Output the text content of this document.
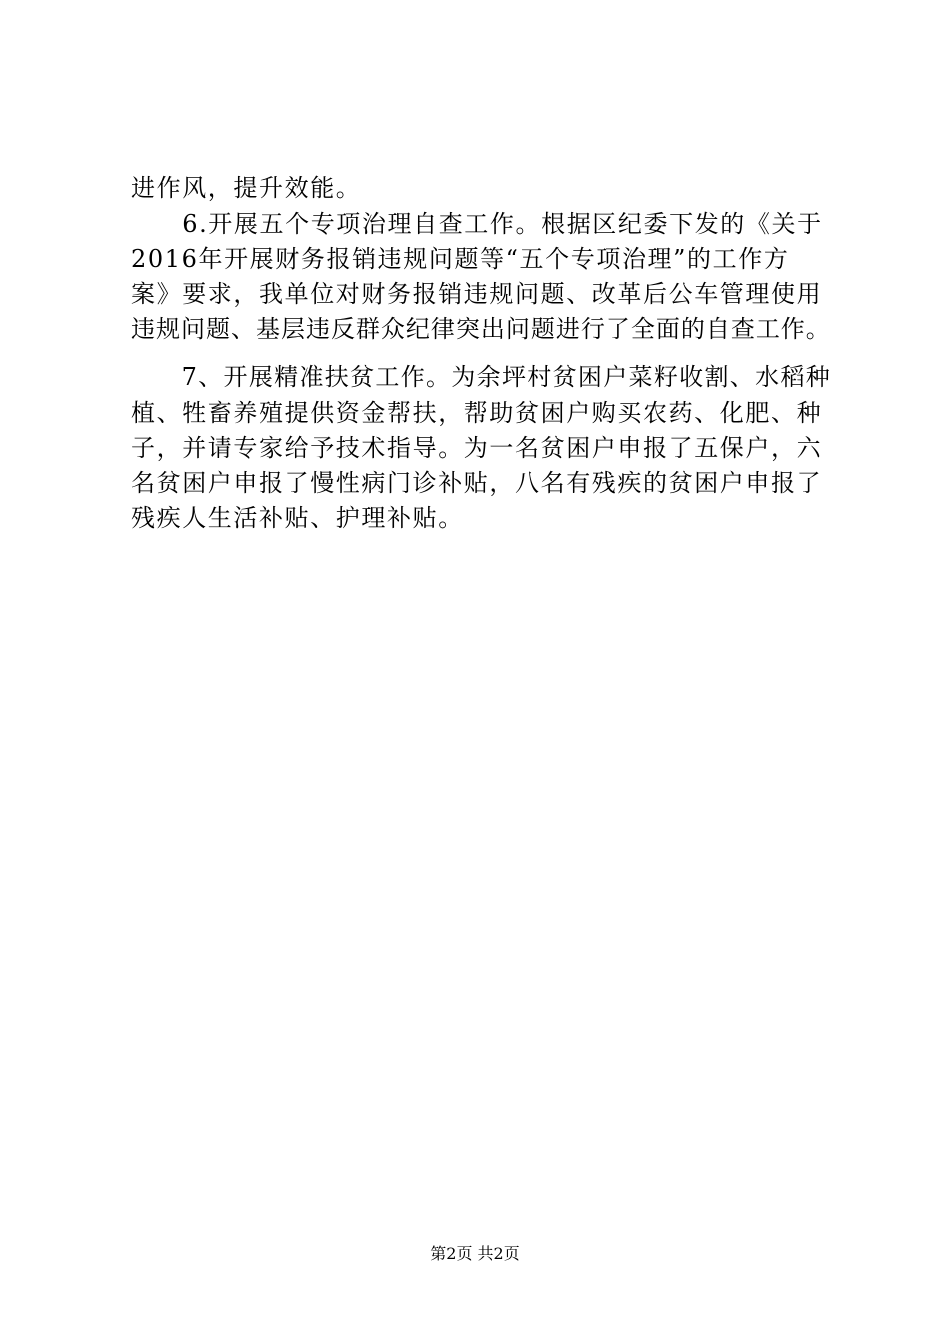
进作风，提升效能。
　　6.开展五个专项治理自查工作。根据区纪委下发的《关于
2016年开展财务报销违规问题等“五个专项治理”的工作方
案》要求，我单位对财务报销违规问题、改革后公车管理使用
违规问题、基层违反群众纪律突出问题进行了全面的自查工作。
　　7、开展精准扶贫工作。为余坪村贫困户菜籽收割、水稻种
植、牲畜养殖提供资金帮扶，帮助贫困户购买农药、化肥、种
子，并请专家给予技术指导。为一名贫困户申报了五保户，六
名贫困户申报了慢性病门诊补贴，八名有残疾的贫困户申报了
残疾人生活补贴、护理补贴。
第2页 共2页
